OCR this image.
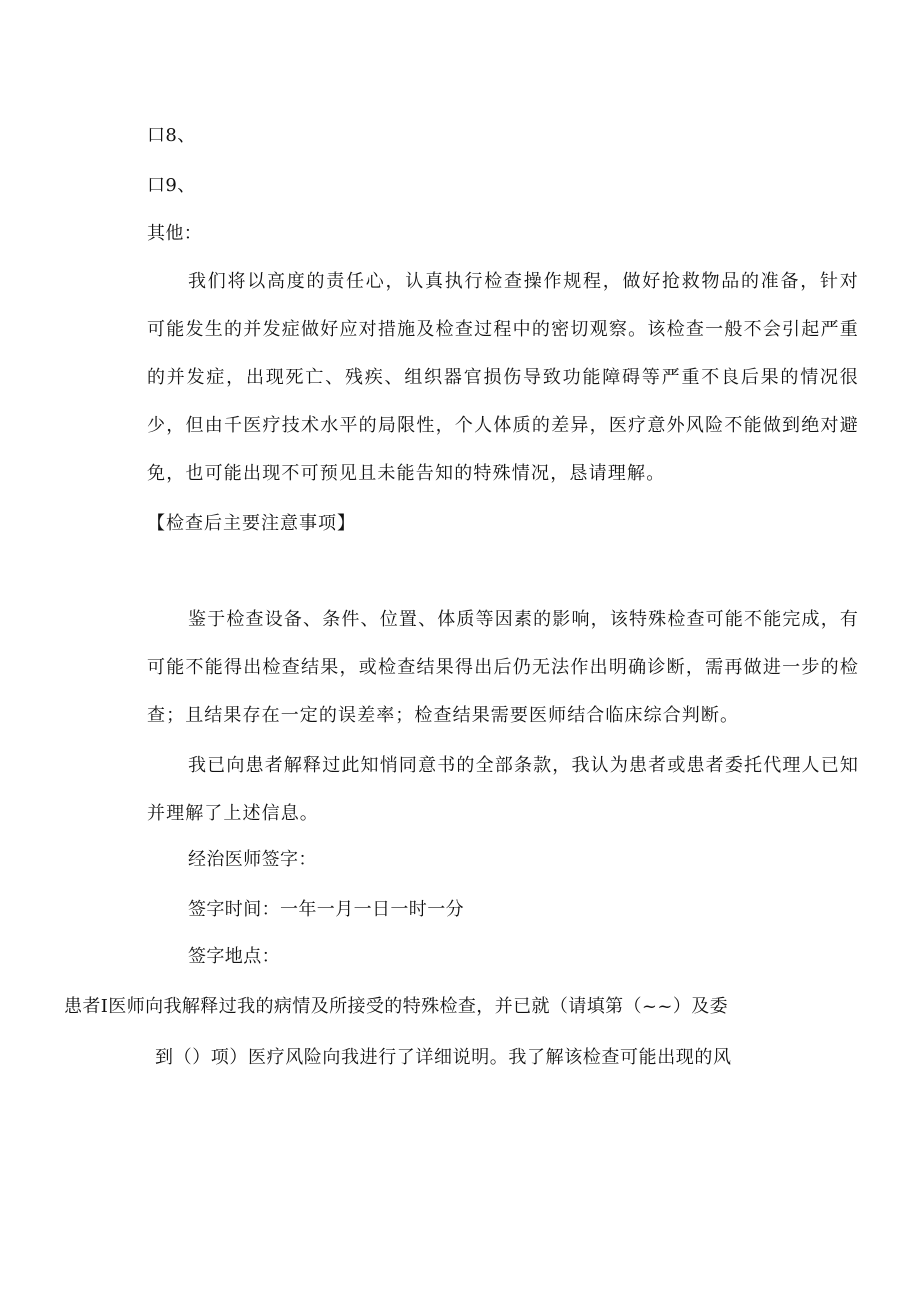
口8、

口9、

其他：

我们将以高度的责任心，认真执行检查操作规程，做好抢救物品的准备，针对可能发生的并发症做好应对措施及检查过程中的密切观察。该检查一般不会引起严重的并发症，出现死亡、残疾、组织器官损伤导致功能障碍等严重不良后果的情况很少，但由千医疗技术水平的局限性，个人体质的差异，医疗意外风险不能做到绝对避免，也可能出现不可预见且未能告知的特殊情况，恳请理解。

【检查后主要注意事项】

鉴于检查设备、条件、位置、体质等因素的影响，该特殊检查可能不能完成，有可能不能得出检查结果，或检查结果得出后仍无法作出明确诊断，需再做进一步的检查；且结果存在一定的误差率；检查结果需要医师结合临床综合判断。

我已向患者解释过此知悄同意书的全部条款，我认为患者或患者委托代理人已知并理解了上述信息。

经治医师签字：

签字时间：一年一月一日一时一分

签字地点：

患者I医师向我解释过我的病情及所接受的特殊检查，并已就（请填第（~~）及委

到（）项）医疗风险向我进行了详细说明。我了解该检查可能出现的风
